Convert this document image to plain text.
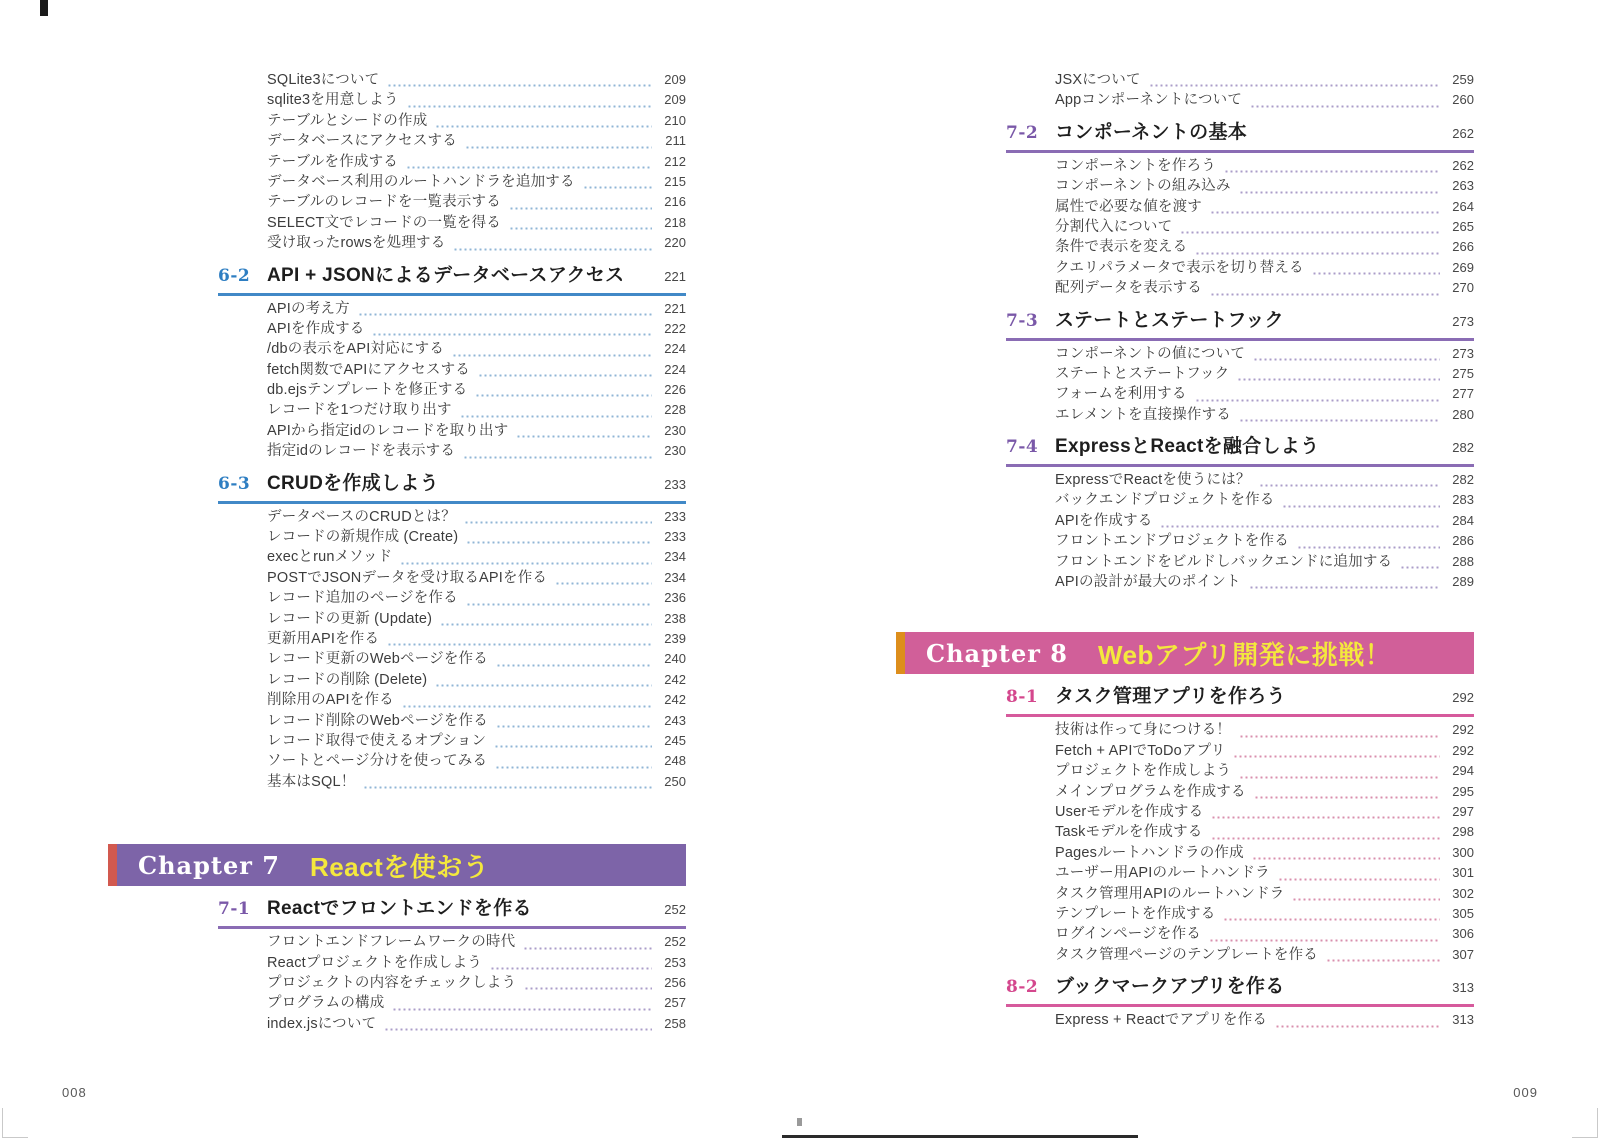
SQLite3について	209
sqlite3を用意しよう	209
テーブルとシードの作成	210
データベースにアクセスする	211
テーブルを作成する	212
データベース利用のルートハンドラを追加する	215
テーブルのレコードを一覧表示する	216
SELECT文でレコードの一覧を得る	218
受け取ったrowsを処理する	220
6-2 API + JSONによるデータベースアクセス	221
APIの考え方	221
APIを作成する	222
/dbの表示をAPI対応にする	224
fetch関数でAPIにアクセスする	224
db.ejsテンプレートを修正する	226
レコードを1つだけ取り出す	228
APIから指定idのレコードを取り出す	230
指定idのレコードを表示する	230
6-3 CRUDを作成しよう	233
データベースのCRUDとは？	233
レコードの新規作成 (Create)	233
execとrunメソッド	234
POSTでJSONデータを受け取るAPIを作る	234
レコード追加のページを作る	236
レコードの更新 (Update)	238
更新用APIを作る	239
レコード更新のWebページを作る	240
レコードの削除 (Delete)	242
削除用のAPIを作る	242
レコード削除のWebページを作る	243
レコード取得で使えるオプション	245
ソートとページ分けを使ってみる	248
基本はSQL！	250
Chapter 7 Reactを使おう
7-1 Reactでフロントエンドを作る	252
フロントエンドフレームワークの時代	252
Reactプロジェクトを作成しよう	253
プロジェクトの内容をチェックしよう	256
プログラムの構成	257
index.jsについて	258
008
JSXについて	259
Appコンポーネントについて	260
7-2 コンポーネントの基本	262
コンポーネントを作ろう	262
コンポーネントの組み込み	263
属性で必要な値を渡す	264
分割代入について	265
条件で表示を変える	266
クエリパラメータで表示を切り替える	269
配列データを表示する	270
7-3 ステートとステートフック	273
コンポーネントの値について	273
ステートとステートフック	275
フォームを利用する	277
エレメントを直接操作する	280
7-4 ExpressとReactを融合しよう	282
ExpressでReactを使うには？	282
バックエンドプロジェクトを作る	283
APIを作成する	284
フロントエンドプロジェクトを作る	286
フロントエンドをビルドしバックエンドに追加する	288
APIの設計が最大のポイント	289
Chapter 8 Webアプリ開発に挑戦！
8-1 タスク管理アプリを作ろう	292
技術は作って身につける！	292
Fetch + APIでToDoアプリ	292
プロジェクトを作成しよう	294
メインプログラムを作成する	295
Userモデルを作成する	297
Taskモデルを作成する	298
Pagesルートハンドラの作成	300
ユーザー用APIのルートハンドラ	301
タスク管理用APIのルートハンドラ	302
テンプレートを作成する	305
ログインページを作る	306
タスク管理ページのテンプレートを作る	307
8-2 ブックマークアプリを作る	313
Express + Reactでアプリを作る	313
009
